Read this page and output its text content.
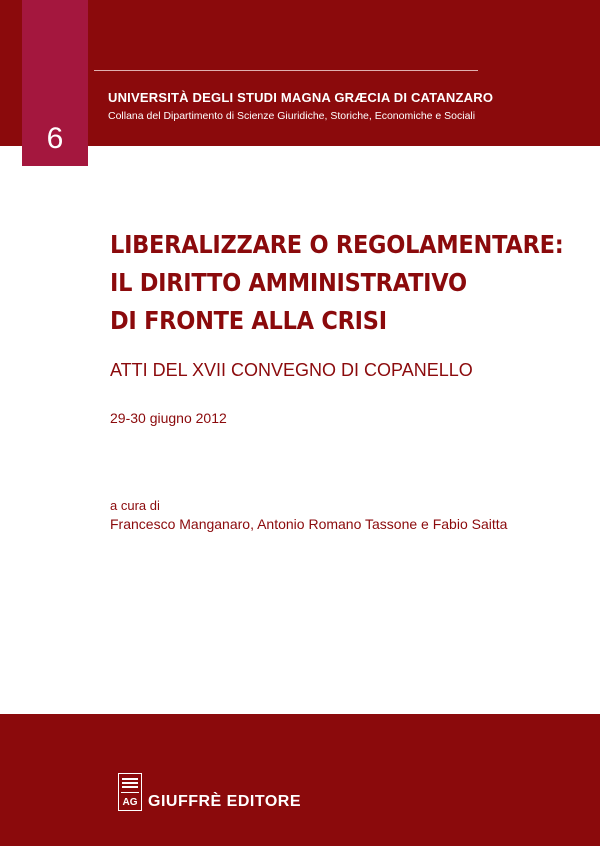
6
UNIVERSITÀ DEGLI STUDI MAGNA GRÆCIA DI CATANZARO
Collana del Dipartimento di Scienze Giuridiche, Storiche, Economiche e Sociali
LIBERALIZZARE O REGOLAMENTARE:
IL DIRITTO AMMINISTRATIVO
DI FRONTE ALLA CRISI
ATTI DEL XVII CONVEGNO DI COPANELLO
29-30 giugno 2012
a cura di
Francesco Manganaro, Antonio Romano Tassone e Fabio Saitta
AG GIUFFRÈ EDITORE
